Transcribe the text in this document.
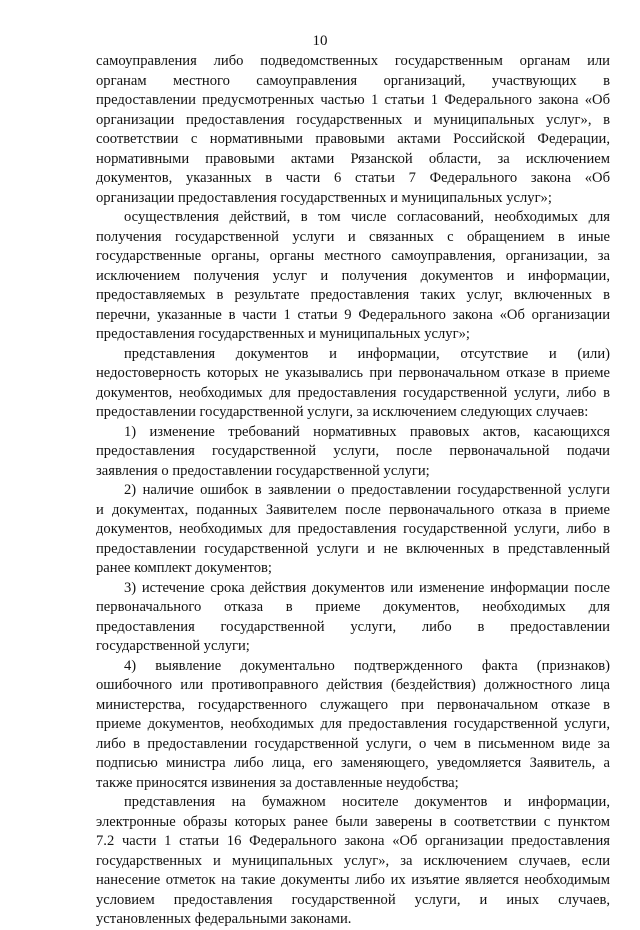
10
самоуправления либо подведомственных государственным органам или
органам местного самоуправления организаций, участвующих в
предоставлении предусмотренных частью 1 статьи 1 Федерального закона «Об
организации предоставления государственных и муниципальных услуг», в
соответствии с нормативными правовыми актами Российской Федерации,
нормативными правовыми актами Рязанской области, за исключением
документов, указанных в части 6 статьи 7 Федерального закона «Об
организации предоставления государственных и муниципальных услуг»;
осуществления действий, в том числе согласований, необходимых для
получения государственной услуги и связанных с обращением в иные
государственные органы, органы местного самоуправления, организации, за
исключением получения услуг и получения документов и информации,
предоставляемых в результате предоставления таких услуг, включенных в
перечни, указанные в части 1 статьи 9 Федерального закона «Об организации
предоставления государственных и муниципальных услуг»;
представления документов и информации, отсутствие и (или)
недостоверность которых не указывались при первоначальном отказе в приеме
документов, необходимых для предоставления государственной услуги, либо в
предоставлении государственной услуги, за исключением следующих случаев:
1) изменение требований нормативных правовых актов, касающихся
предоставления государственной услуги, после первоначальной подачи
заявления о предоставлении государственной услуги;
2) наличие ошибок в заявлении о предоставлении государственной услуги
и документах, поданных Заявителем после первоначального отказа в приеме
документов, необходимых для предоставления государственной услуги, либо в
предоставлении государственной услуги и не включенных в представленный
ранее комплект документов;
3) истечение срока действия документов или изменение информации после
первоначального отказа в приеме документов, необходимых для
предоставления государственной услуги, либо в предоставлении
государственной услуги;
4) выявление документально подтвержденного факта (признаков)
ошибочного или противоправного действия (бездействия) должностного лица
министерства, государственного служащего при первоначальном отказе в
приеме документов, необходимых для предоставления государственной услуги,
либо в предоставлении государственной услуги, о чем в письменном виде за
подписью министра либо лица, его заменяющего, уведомляется Заявитель, а
также приносятся извинения за доставленные неудобства;
представления на бумажном носителе документов и информации,
электронные образы которых ранее были заверены в соответствии с пунктом
7.2 части 1 статьи 16 Федерального закона «Об организации предоставления
государственных и муниципальных услуг», за исключением случаев, если
нанесение отметок на такие документы либо их изъятие является необходимым
условием предоставления государственной услуги, и иных случаев,
установленных федеральными законами.
